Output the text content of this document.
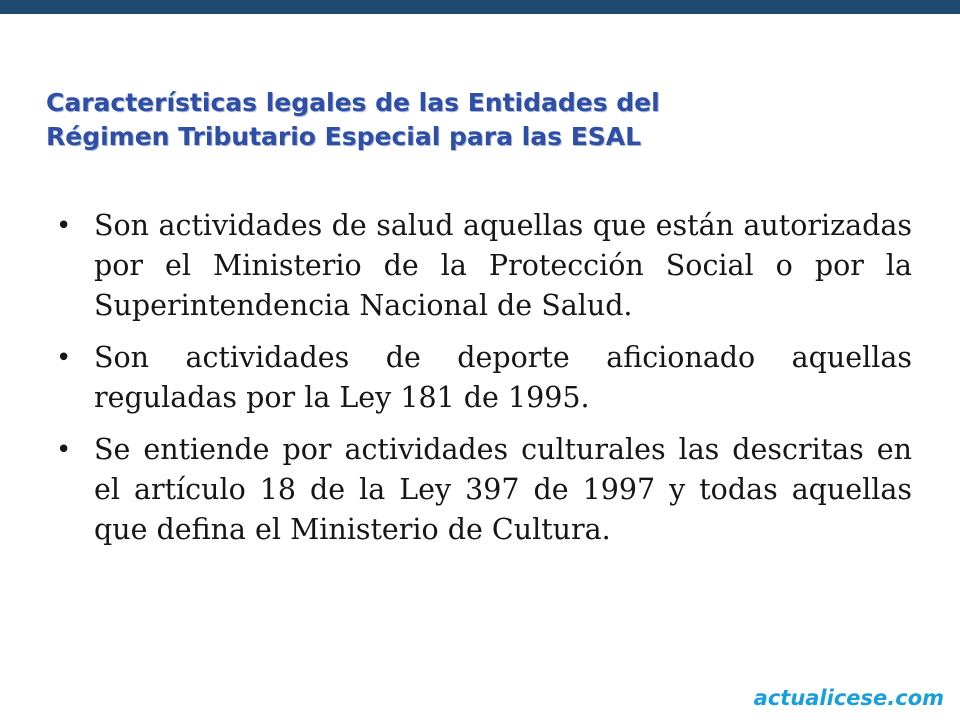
Características legales de las Entidades del
Régimen Tributario Especial para las ESAL
• Son actividades de salud aquellas que están autorizadas por el Ministerio de la Protección Social o por la Superintendencia Nacional de Salud.
• Son actividades de deporte aficionado aquellas reguladas por la Ley 181 de 1995.
• Se entiende por actividades culturales las descritas en el artículo 18 de la Ley 397 de 1997 y todas aquellas que defina el Ministerio de Cultura.
actualicese.com
